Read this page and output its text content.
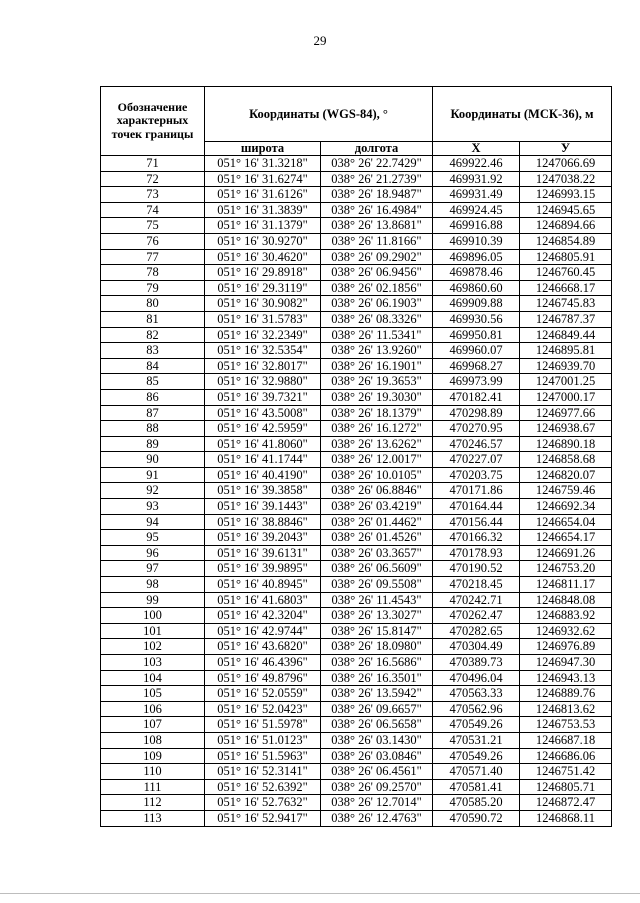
29
Обозначение характерных точек границы	Координаты (WGS-84), °		Координаты (МСК-36), м	
	широта	долгота	X	У
71	051° 16' 31.3218"	038° 26' 22.7429"	469922.46	1247066.69
72	051° 16' 31.6274"	038° 26' 21.2739"	469931.92	1247038.22
73	051° 16' 31.6126"	038° 26' 18.9487"	469931.49	1246993.15
74	051° 16' 31.3839"	038° 26' 16.4984"	469924.45	1246945.65
75	051° 16' 31.1379"	038° 26' 13.8681"	469916.88	1246894.66
76	051° 16' 30.9270"	038° 26' 11.8166"	469910.39	1246854.89
77	051° 16' 30.4620"	038° 26' 09.2902"	469896.05	1246805.91
78	051° 16' 29.8918"	038° 26' 06.9456"	469878.46	1246760.45
79	051° 16' 29.3119"	038° 26' 02.1856"	469860.60	1246668.17
80	051° 16' 30.9082"	038° 26' 06.1903"	469909.88	1246745.83
81	051° 16' 31.5783"	038° 26' 08.3326"	469930.56	1246787.37
82	051° 16' 32.2349"	038° 26' 11.5341"	469950.81	1246849.44
83	051° 16' 32.5354"	038° 26' 13.9260"	469960.07	1246895.81
84	051° 16' 32.8017"	038° 26' 16.1901"	469968.27	1246939.70
85	051° 16' 32.9880"	038° 26' 19.3653"	469973.99	1247001.25
86	051° 16' 39.7321"	038° 26' 19.3030"	470182.41	1247000.17
87	051° 16' 43.5008"	038° 26' 18.1379"	470298.89	1246977.66
88	051° 16' 42.5959"	038° 26' 16.1272"	470270.95	1246938.67
89	051° 16' 41.8060"	038° 26' 13.6262"	470246.57	1246890.18
90	051° 16' 41.1744"	038° 26' 12.0017"	470227.07	1246858.68
91	051° 16' 40.4190"	038° 26' 10.0105"	470203.75	1246820.07
92	051° 16' 39.3858"	038° 26' 06.8846"	470171.86	1246759.46
93	051° 16' 39.1443"	038° 26' 03.4219"	470164.44	1246692.34
94	051° 16' 38.8846"	038° 26' 01.4462"	470156.44	1246654.04
95	051° 16' 39.2043"	038° 26' 01.4526"	470166.32	1246654.17
96	051° 16' 39.6131"	038° 26' 03.3657"	470178.93	1246691.26
97	051° 16' 39.9895"	038° 26' 06.5609"	470190.52	1246753.20
98	051° 16' 40.8945"	038° 26' 09.5508"	470218.45	1246811.17
99	051° 16' 41.6803"	038° 26' 11.4543"	470242.71	1246848.08
100	051° 16' 42.3204"	038° 26' 13.3027"	470262.47	1246883.92
101	051° 16' 42.9744"	038° 26' 15.8147"	470282.65	1246932.62
102	051° 16' 43.6820"	038° 26' 18.0980"	470304.49	1246976.89
103	051° 16' 46.4396"	038° 26' 16.5686"	470389.73	1246947.30
104	051° 16' 49.8796"	038° 26' 16.3501"	470496.04	1246943.13
105	051° 16' 52.0559"	038° 26' 13.5942"	470563.33	1246889.76
106	051° 16' 52.0423"	038° 26' 09.6657"	470562.96	1246813.62
107	051° 16' 51.5978"	038° 26' 06.5658"	470549.26	1246753.53
108	051° 16' 51.0123"	038° 26' 03.1430"	470531.21	1246687.18
109	051° 16' 51.5963"	038° 26' 03.0846"	470549.26	1246686.06
110	051° 16' 52.3141"	038° 26' 06.4561"	470571.40	1246751.42
111	051° 16' 52.6392"	038° 26' 09.2570"	470581.41	1246805.71
112	051° 16' 52.7632"	038° 26' 12.7014"	470585.20	1246872.47
113	051° 16' 52.9417"	038° 26' 12.4763"	470590.72	1246868.11
